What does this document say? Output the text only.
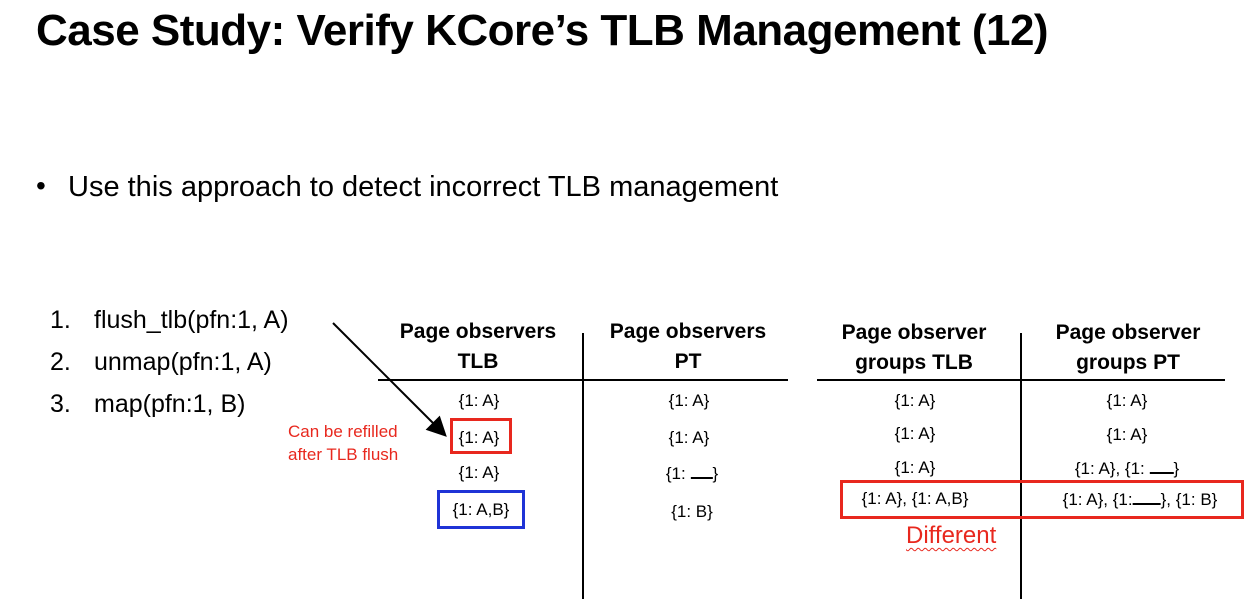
Case Study: Verify KCore’s TLB Management (12)
• Use this approach to detect incorrect TLB management
1. flush_tlb(pfn:1, A)
2. unmap(pfn:1, A)
3. map(pfn:1, B)
Page observers
TLB
Page observers
PT
Page observer
groups TLB
Page observer
groups PT
{1: A}
{1: A}
{1: A}
{1: A,B}
{1: A}
{1: A}
{1: }
{1: B}
{1: A}
{1: A}
{1: A}
{1: A}, {1: A,B}
{1: A}
{1: A}
{1: A}, {1: }
{1: A}, {1: }, {1: B}
Can be refilled
after TLB flush
Different
